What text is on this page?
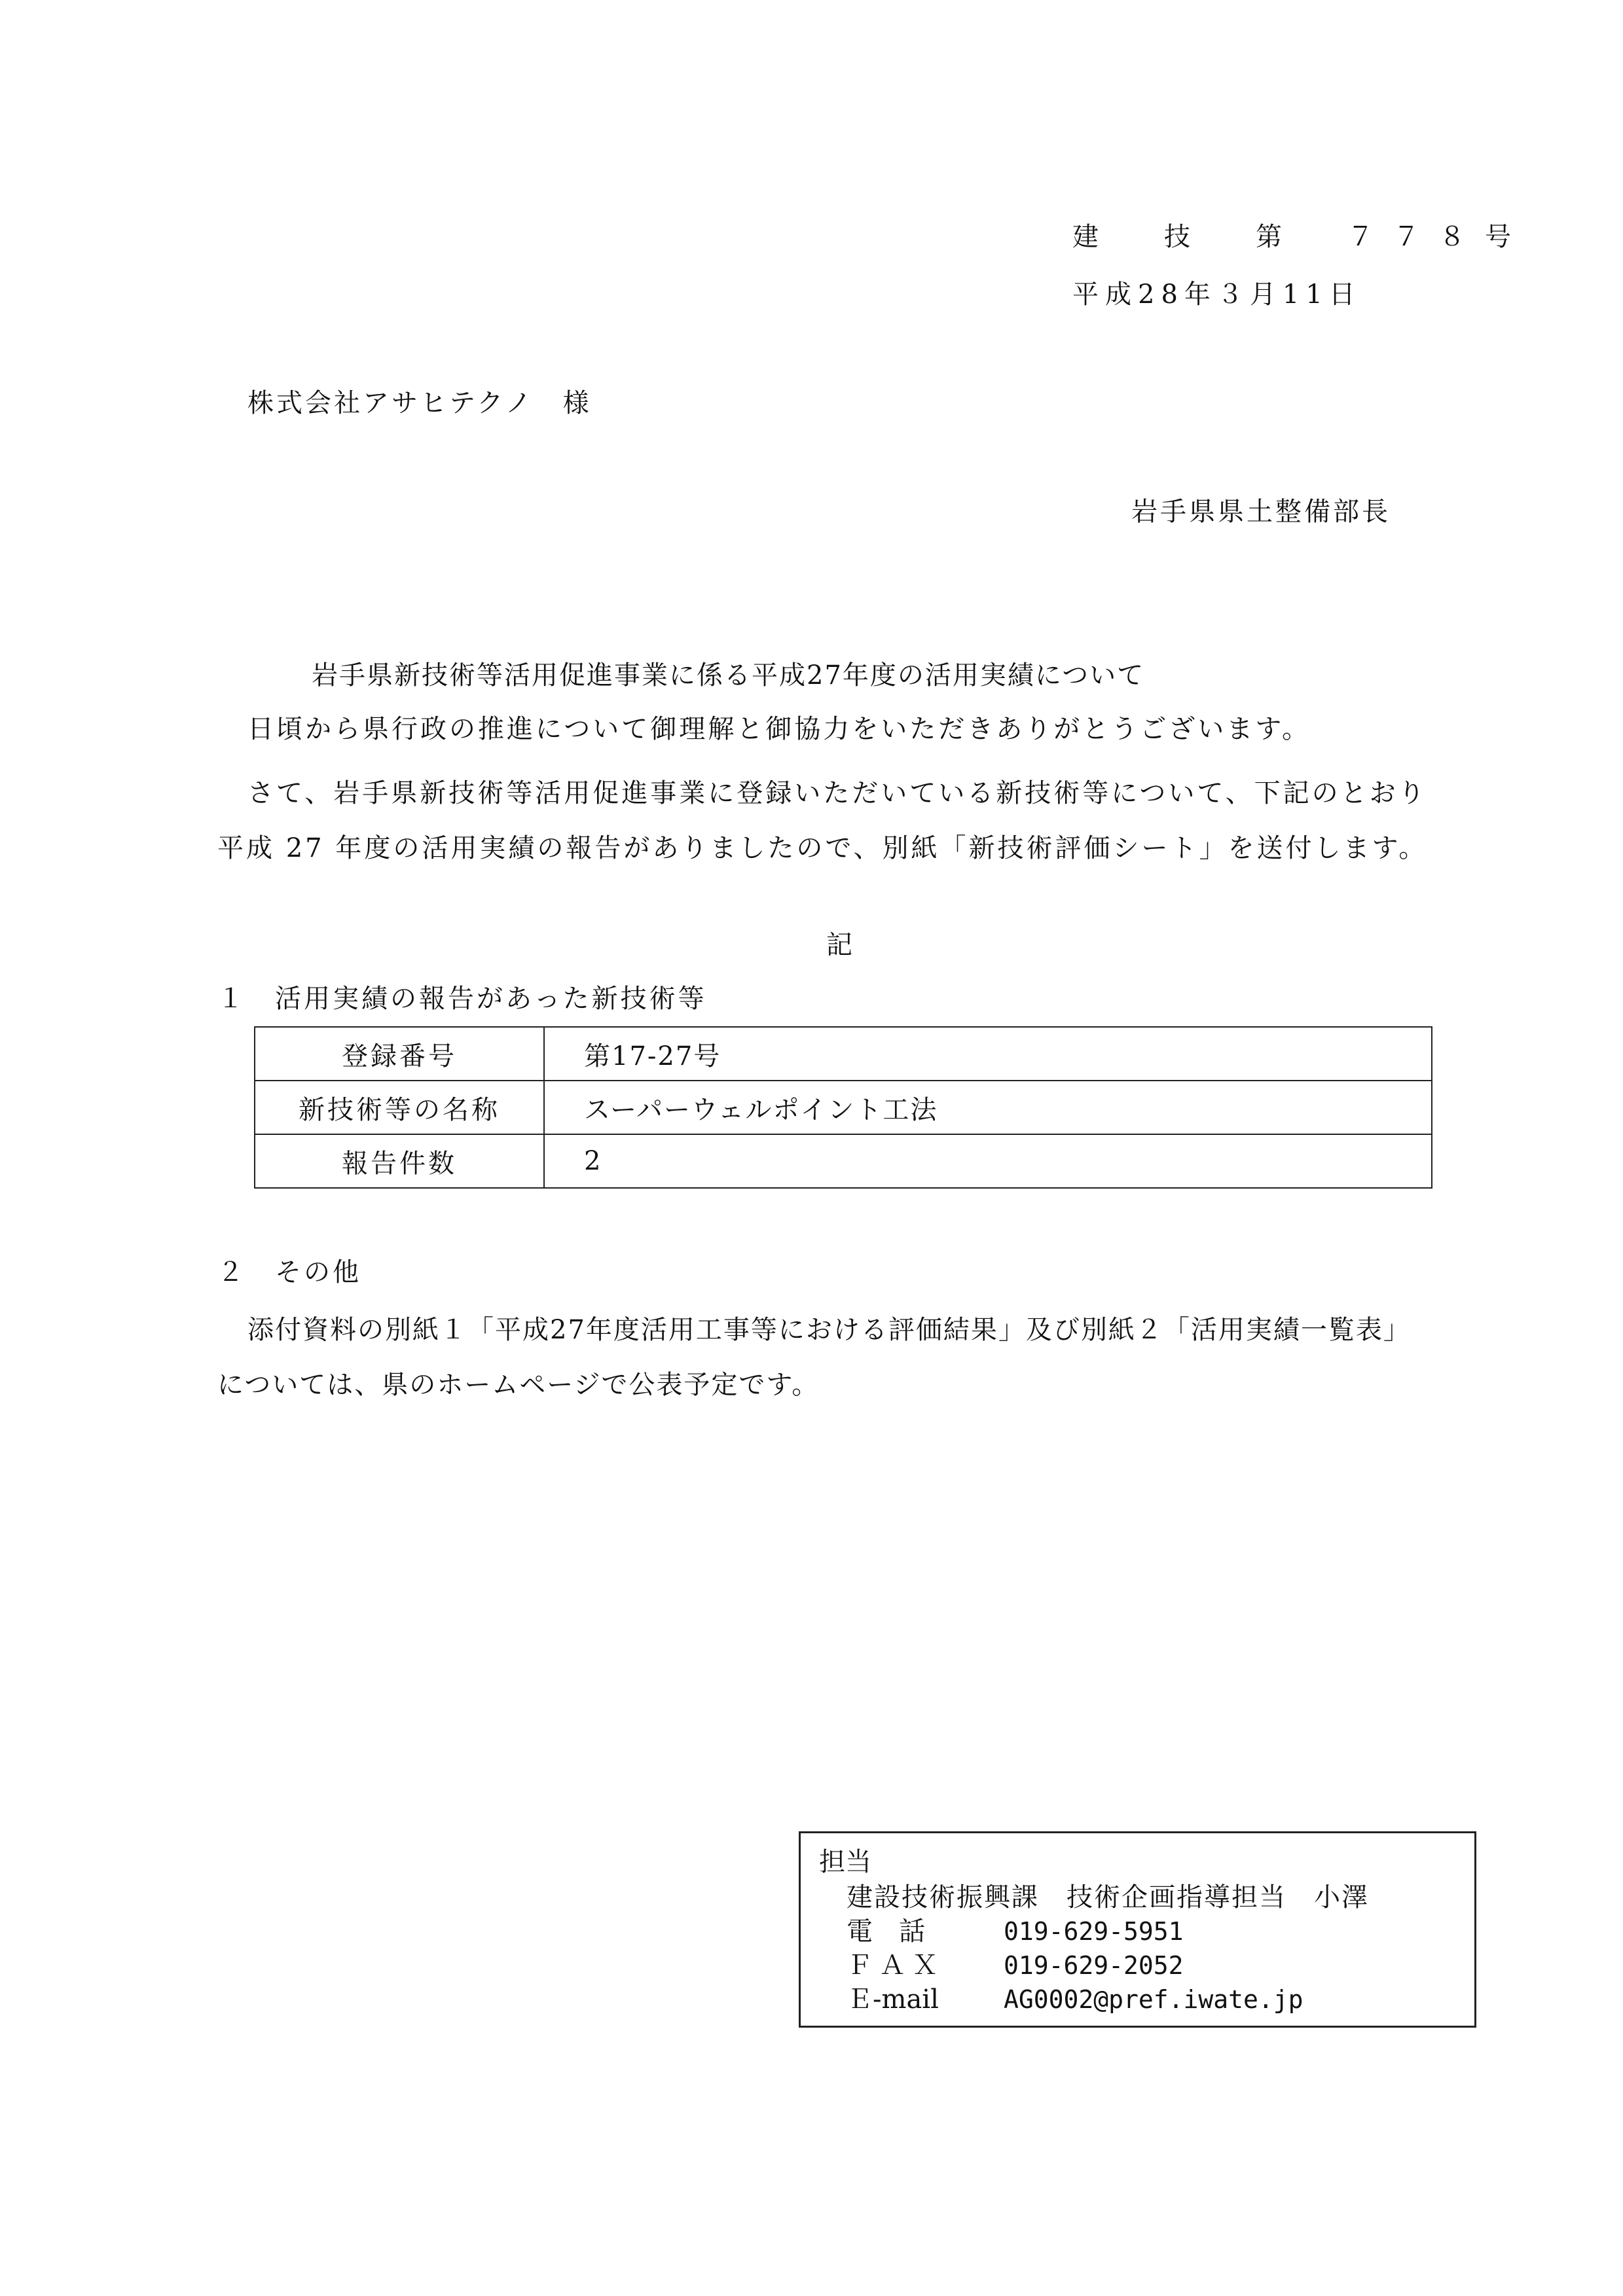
建　技　第　７７８号
平成28年３月11日
株式会社アサヒテクノ　様
岩手県県土整備部長
岩手県新技術等活用促進事業に係る平成27年度の活用実績について
日頃から県行政の推進について御理解と御協力をいただきありがとうございます。
さて、岩手県新技術等活用促進事業に登録いただいている新技術等について、下記のとおり平成 27 年度の活用実績の報告がありましたので、別紙「新技術評価シート」を送付します。
記
１　活用実績の報告があった新技術等
登録番号	第17-27号
新技術等の名称	スーパーウェルポイント工法
報告件数	2
２　その他
添付資料の別紙１「平成27年度活用工事等における評価結果」及び別紙２「活用実績一覧表」については、県のホームページで公表予定です。
担当
建設技術振興課　技術企画指導担当　小澤
電話 019-629-5951
ＦＡＸ 019-629-2052
Ｅ-mail	AG0002@pref.iwate.jp
